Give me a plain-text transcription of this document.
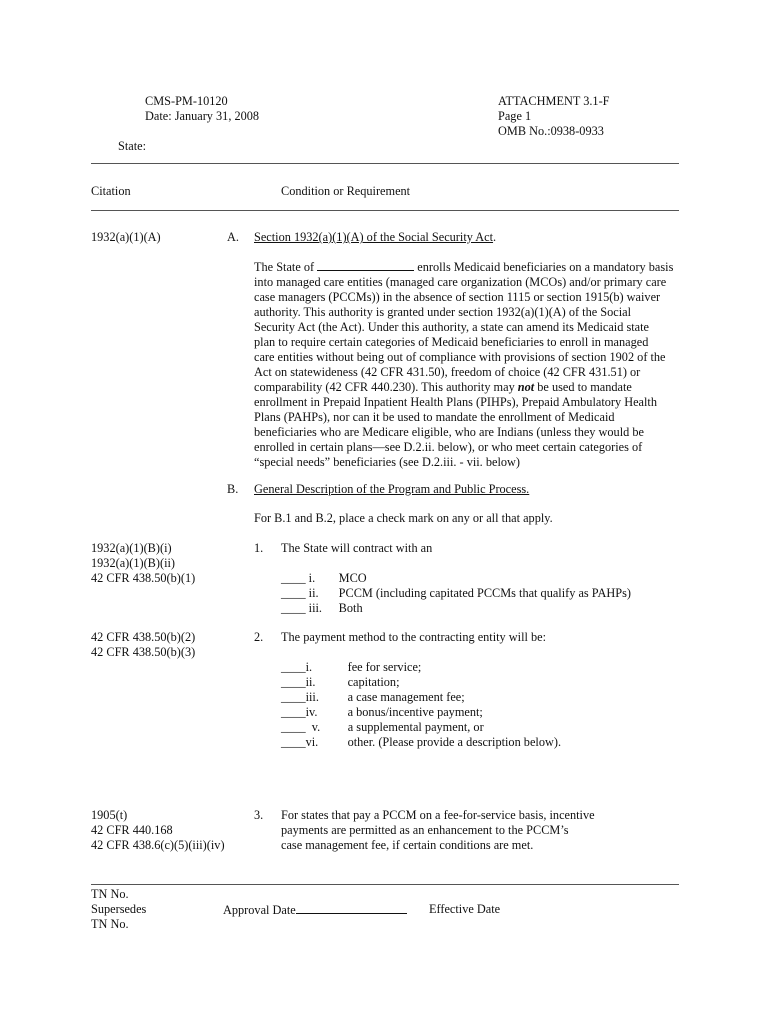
CMS-PM-10120
Date: January 31, 2008
ATTACHMENT 3.1-F
Page 1
OMB No.:0938-0933
State:
Citation	Condition or Requirement
1932(a)(1)(A)	A. Section 1932(a)(1)(A) of the Social Security Act.
The State of	enrolls Medicaid beneficiaries on a mandatory basis
into managed care entities (managed care organization (MCOs) and/or primary care
case managers (PCCMs)) in the absence of section 1115 or section 1915(b) waiver
authority. This authority is granted under section 1932(a)(1)(A) of the Social
Security Act (the Act). Under this authority, a state can amend its Medicaid state
plan to require certain categories of Medicaid beneficiaries to enroll in managed
care entities without being out of compliance with provisions of section 1902 of the
Act on statewideness (42 CFR 431.50), freedom of choice (42 CFR 431.51) or
comparability (42 CFR 440.230). This authority may not be used to mandate
enrollment in Prepaid Inpatient Health Plans (PIHPs), Prepaid Ambulatory Health
Plans (PAHPs), nor can it be used to mandate the enrollment of Medicaid
beneficiaries who are Medicare eligible, who are Indians (unless they would be
enrolled in certain plans—see D.2.ii. below), or who meet certain categories of
“special needs” beneficiaries (see D.2.iii. - vii. below)
B. General Description of the Program and Public Process.
For B.1 and B.2, place a check mark on any or all that apply.
1932(a)(1)(B)(i)
1932(a)(1)(B)(ii)
42 CFR 438.50(b)(1)
1. The State will contract with an
____ i. MCO
____ ii. PCCM (including capitated PCCMs that qualify as PAHPs)
____ iii. Both
42 CFR 438.50(b)(2)
42 CFR 438.50(b)(3)
2. The payment method to the contracting entity will be:
____i.	fee for service;
____ii.	capitation;
____iii. a case management fee;
____iv. a bonus/incentive payment;
____ v. a supplemental payment, or
____vi. other. (Please provide a description below).
1905(t)
42 CFR 440.168
42 CFR 438.6(c)(5)(iii)(iv)
3. For states that pay a PCCM on a fee-for-service basis, incentive
payments are permitted as an enhancement to the PCCM’s
case management fee, if certain conditions are met.
TN No.
Supersedes
TN No.
Approval Date	Effective Date
